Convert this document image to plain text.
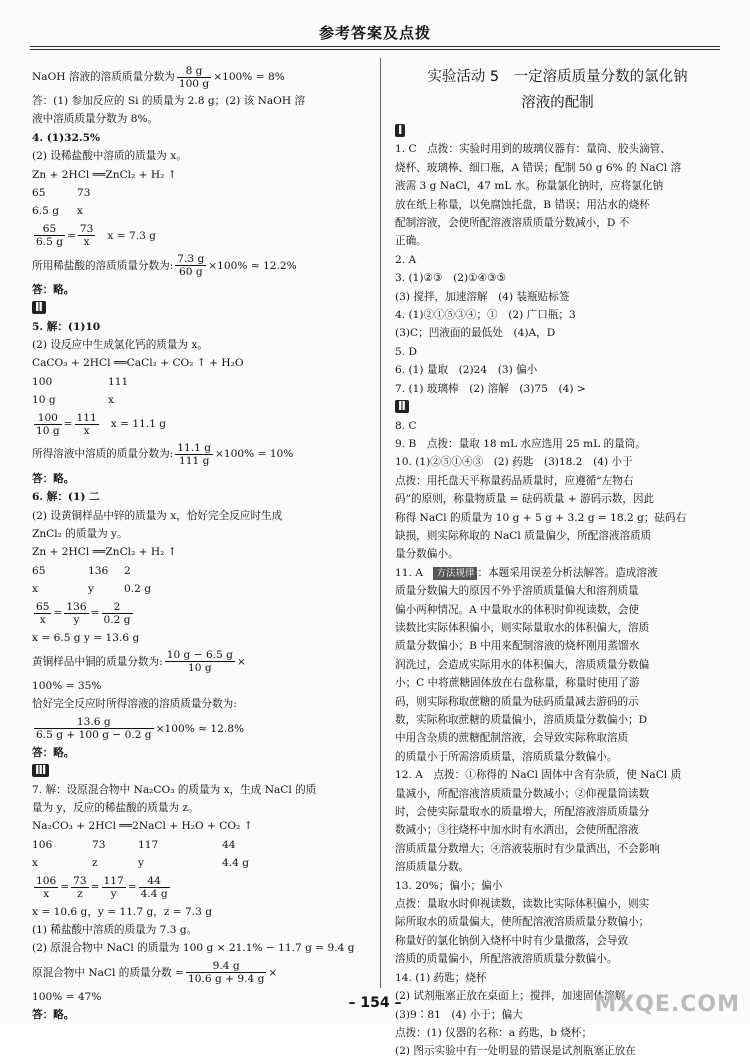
参考答案及点拨
NaOH 溶液的溶质质量分数为 $\frac{8 g}{100 g} \times 100\% = 8\%$
答：(1) 参加反应的 Si 的质量为 2.8 g；(2) 该 NaOH 溶
液中溶质质量分数为 8%。
4. (1)32.5%
(2) 设稀盐酸中溶质的质量为 x。
Zn + 2HCl ══ZnCl₂ + H₂ ↑
65	73
6.5 g x
$\frac{65}{6.5 g} = \frac{73}{x}$ x = 7.3 g
所用稀盐酸的溶质质量分数为: $\frac{7.3 g}{60 g} \times 100\% \approx 12.2\%$
答：略。
Ⅱ
5. 解：(1)10
(2) 设反应中生成氯化钙的质量为 x。
CaCO₃ + 2HCl ══CaCl₂ + CO₂ ↑ + H₂O
100	111
10 g	x
$\frac{100}{10 g} = \frac{111}{x}$ x = 11.1 g
所得溶液中溶质的质量分数为: $\frac{11.1 g}{111 g} \times 100\% = 10\%$
答：略。
6. 解：(1) 二
(2) 设黄铜样品中锌的质量为 x，恰好完全反应时生成
ZnCl₂ 的质量为 y。
Zn + 2HCl ══ZnCl₂ + H₂ ↑
65	136 2
x	y	0.2 g
$\frac{65}{x} = \frac{136}{y} = \frac{2}{0.2 g}$
x = 6.5 g y = 13.6 g
黄铜样品中铜的质量分数为: $\frac{10 g - 6.5 g}{10 g}$ ×
100% = 35%
恰好完全反应时所得溶液的溶质质量分数为:
$\frac{13.6 g}{6.5 g + 100 g - 0.2 g} \times 100\% \approx 12.8\%$
答：略。
Ⅲ
7. 解：设原混合物中 Na₂CO₃ 的质量为 x，生成 NaCl 的质
量为 y，反应的稀盐酸的质量为 z。
Na₂CO₃ + 2HCl ══2NaCl + H₂O + CO₂ ↑
106	73	117	44
x	z	y	4.4 g
$\frac{106}{x} = \frac{73}{z} = \frac{117}{y} = \frac{44}{4.4 g}$
x = 10.6 g，y = 11.7 g，z = 7.3 g
(1) 稀盐酸中溶质的质量为 7.3 g。
(2) 原混合物中 NaCl 的质量为 100 g × 21.1% − 11.7 g = 9.4 g
原混合物中 NaCl 的质量分数 = $\frac{9.4 g}{10.6 g + 9.4 g}$ ×
100% = 47%
答：略。
实验活动 5　一定溶质质量分数的氯化钠
溶液的配制
Ⅰ
1. C　点拨：实验时用到的玻璃仪器有：量筒、胶头滴管、
烧杯、玻璃棒、细口瓶，A 错误；配制 50 g 6% 的 NaCl 溶
液需 3 g NaCl，47 mL 水。称量氯化钠时，应将氯化钠
放在纸上称量，以免腐蚀托盘，B 错误；用沾水的烧杯
配制溶液，会使所配溶液溶质质量分数减小，D 不
正确。
2. A
3. (1)②③　(2)①④③⑤
(3) 搅拌，加速溶解　(4) 装瓶贴标签
4. (1)②①⑤③④；①　(2) 广口瓶；3
(3)C；凹液面的最低处　(4)A，D
5. D
6. (1) 量取　(2)24　(3) 偏小
7. (1) 玻璃棒　(2) 溶解　(3)75　(4) >
Ⅱ
8. C
9. B　点拨：量取 18 mL 水应选用 25 mL 的量筒。
10. (1)②⑤①④③　(2) 药匙　(3)18.2　(4) 小于
点拨：用托盘天平称量药品质量时，应遵循“左物右
码”的原则，称量物质量 = 砝码质量 + 游码示数，因此
称得 NaCl 的质量为 10 g + 5 g + 3.2 g = 18.2 g；砝码右
缺损，则实际称取的 NaCl 质量偏少，所配溶液溶质质
量分数偏小。
11. A　方法规律 ：本题采用误差分析法解答。造成溶液
质量分数偏大的原因不外乎溶质质量偏大和溶剂质量
偏小两种情况。A 中量取水的体积时仰视读数，会使
读数比实际体积偏小，则实际量取水的体积偏大，溶质
质量分数偏小；B 中用来配制溶液的烧杯刚用蒸馏水
润洗过，会造成实际用水的体积偏大，溶质质量分数偏
小；C 中将蔗糖固体放在右盘称量，称量时使用了游
码，则实际称取蔗糖的质量为砝码质量减去游码的示
数，实际称取蔗糖的质量偏小，溶质质量分数偏小；D
中用含杂质的蔗糖配制溶液，会导致实际称取溶质
的质量小于所需溶质质量，溶质质量分数偏小。
12. A　点拨：①称得的 NaCl 固体中含有杂质，使 NaCl 质
量减小，所配溶液溶质质量分数减小；②仰视量筒读数
时，会使实际量取水的质量增大，所配溶液溶质质量分
数减小；③往烧杯中加水时有水洒出，会使所配溶液
溶质质量分数增大；④溶液装瓶时有少量洒出，不会影响
溶质质量分数。
13. 20%；偏小；偏小
点拨：量取水时仰视读数，读数比实际体积偏小，则实
际所取水的质量偏大，使所配溶液溶质质量分数偏小；
称量好的氯化钠倒入烧杯中时有少量撒落，会导致
溶质的质量偏小，所配溶液溶质质量分数偏小。
14. (1) 药匙；烧杯
(2) 试剂瓶塞正放在桌面上；搅拌，加速固体溶解
(3)9∶81　(4) 小于；偏大
点拨：(1) 仪器的名称：a 药匙，b 烧杯；
(2) 图示实验中有一处明显的错误是试剂瓶塞正放在
– 154 –	MXQE.COM
